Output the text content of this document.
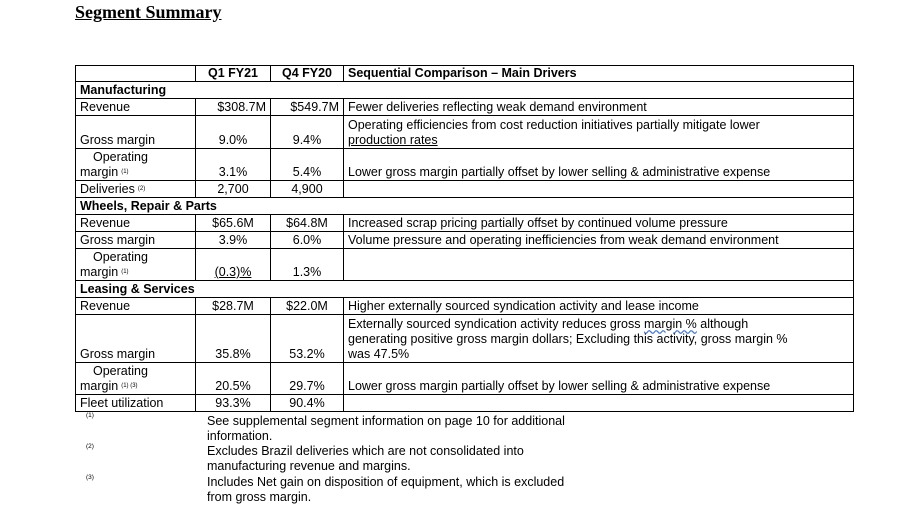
Segment Summary
	Q1 FY21	Q4 FY20	Sequential Comparison – Main Drivers
Manufacturing			
Revenue	$308.7M	$549.7M	Fewer deliveries reflecting weak demand environment
Gross margin	9.0%	9.4%	Operating efficiencies from cost reduction initiatives partially mitigate lower
production rates

Operating
margin $^{(1)}$	3.1%	5.4%	Lower gross margin partially offset by lower selling & administrative expense
Deliveries $^{(2)}$	2,700	4,900	
Wheels, Repair & Parts			
Revenue	$65.6M	$64.8M	Increased scrap pricing partially offset by continued volume pressure
Gross margin	3.9%	6.0%	Volume pressure and operating inefficiencies from weak demand environment

Operating
margin $^{(1)}$	(0.3)%	1.3%	
Leasing & Services			
Revenue	$28.7M	$22.0M	Higher externally sourced syndication activity and lease income
Gross margin	35.8%	53.2%	Externally sourced syndication activity reduces gross margin % although
generating positive gross margin dollars; Excluding this activity, gross margin %
was 47.5%

Operating
margin $^{(1) (3)}$	20.5%	29.7%	Lower gross margin partially offset by lower selling & administrative expense
Fleet utilization	93.3%	90.4%	
(1)	See supplemental segment information on page 10 for additional
information.
(2)	Excludes Brazil deliveries which are not consolidated into
manufacturing revenue and margins.
(3)	Includes Net gain on disposition of equipment, which is excluded
from gross margin.
